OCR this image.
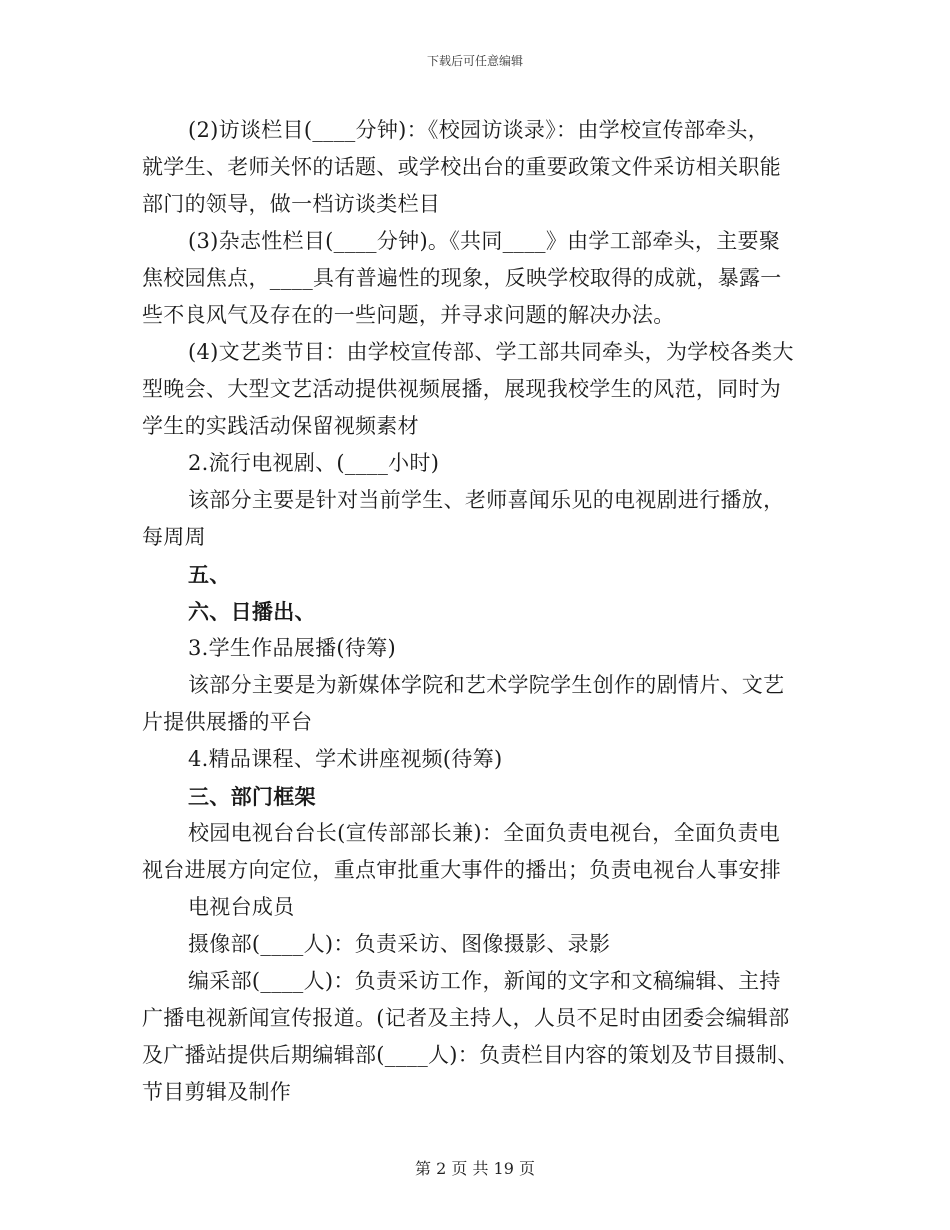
下载后可任意编辑
(2)访谈栏目(____分钟)：《校园访谈录》：由学校宣传部牵头，
就学生、老师关怀的话题、或学校出台的重要政策文件采访相关职能
部门的领导，做一档访谈类栏目
(3)杂志性栏目(____分钟)。《共同____》由学工部牵头，主要聚
焦校园焦点，____具有普遍性的现象，反映学校取得的成就，暴露一
些不良风气及存在的一些问题，并寻求问题的解决办法。
(4)文艺类节目：由学校宣传部、学工部共同牵头，为学校各类大
型晚会、大型文艺活动提供视频展播，展现我校学生的风范，同时为
学生的实践活动保留视频素材
2.流行电视剧、(____小时)
该部分主要是针对当前学生、老师喜闻乐见的电视剧进行播放，
每周周
五、
六、日播出、
3.学生作品展播(待筹)
该部分主要是为新媒体学院和艺术学院学生创作的剧情片、文艺
片提供展播的平台
4.精品课程、学术讲座视频(待筹)
三、部门框架
校园电视台台长(宣传部部长兼)：全面负责电视台，全面负责电
视台进展方向定位，重点审批重大事件的播出；负责电视台人事安排
电视台成员
摄像部(____人)：负责采访、图像摄影、录影
编采部(____人)：负责采访工作，新闻的文字和文稿编辑、主持
广播电视新闻宣传报道。(记者及主持人，人员不足时由团委会编辑部
及广播站提供后期编辑部(____人)：负责栏目内容的策划及节目摄制、
节目剪辑及制作
第 2 页 共 19 页
